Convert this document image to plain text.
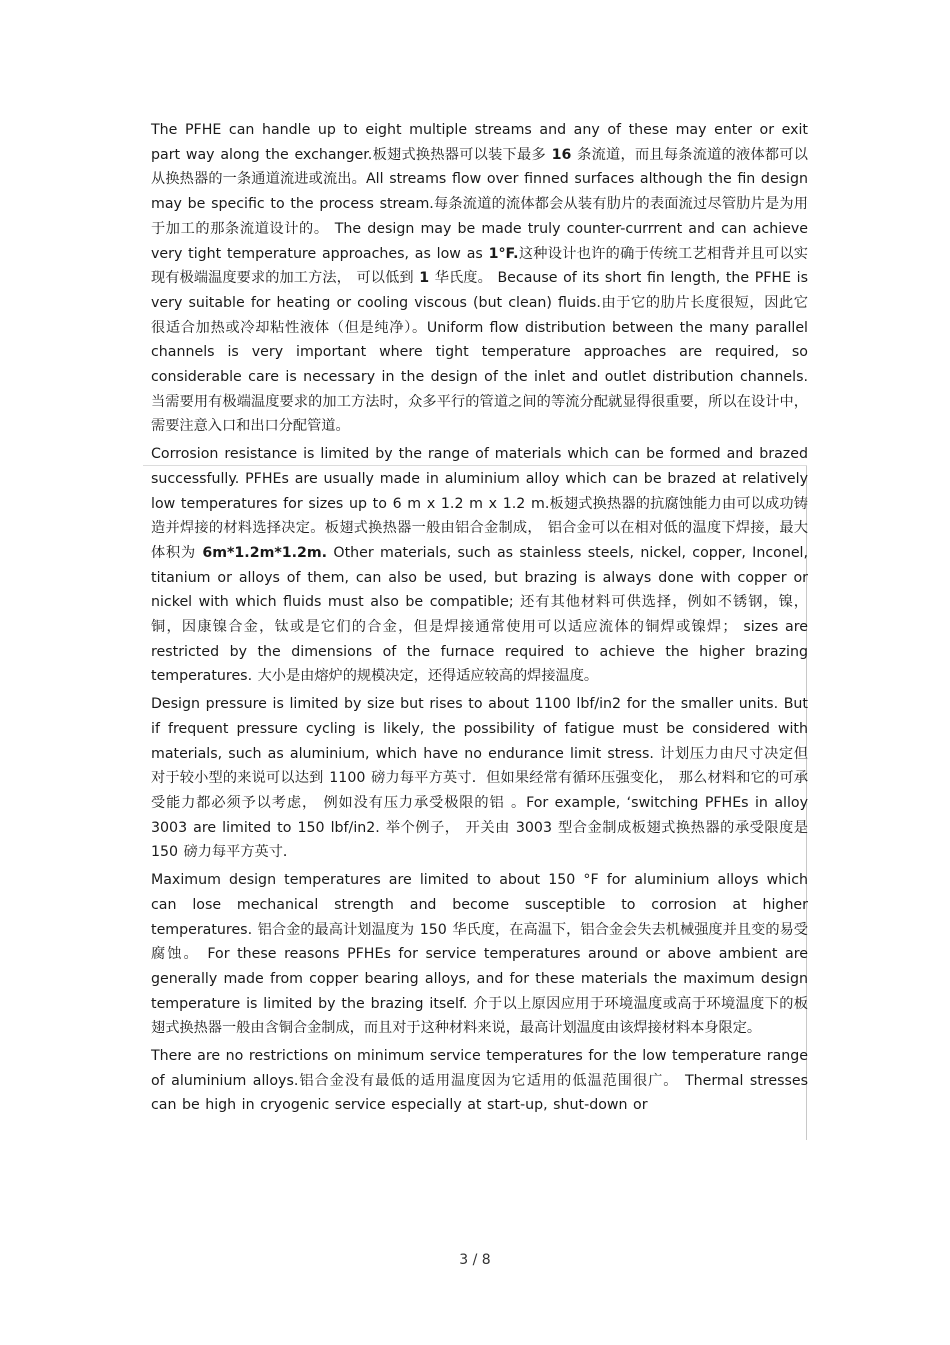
The PFHE can handle up to eight multiple streams and any of these may enter or exit part way along the exchanger.板翅式换热器可以装下最多 16 条流道，而且每条流道的液体都可以从换热器的一条通道流进或流出。All streams flow over finned surfaces although the fin design may be specific to the process stream.每条流道的流体都会从装有肋片的表面流过尽管肋片是为用于加工的那条流道设计的。 The design may be made truly counter-currrent and can achieve very tight temperature approaches, as low as 1°F.这种设计也许的确于传统工艺相背并且可以实现有极端温度要求的加工方法， 可以低到 1 华氏度。 Because of its short fin length, the PFHE is very suitable for heating or cooling viscous (but clean) fluids.由于它的肋片长度很短，因此它很适合加热或冷却粘性液体（但是纯净）。Uniform flow distribution between the many parallel channels is very important where tight temperature approaches are required, so considerable care is necessary in the design of the inlet and outlet distribution channels.当需要用有极端温度要求的加工方法时，众多平行的管道之间的等流分配就显得很重要，所以在设计中，需要注意入口和出口分配管道。

Corrosion resistance is limited by the range of materials which can be formed and brazed successfully. PFHEs are usually made in aluminium alloy which can be brazed at relatively low temperatures for sizes up to 6 m x 1.2 m x 1.2 m.板翅式换热器的抗腐蚀能力由可以成功铸造并焊接的材料选择决定。板翅式换热器一般由铝合金制成， 铝合金可以在相对低的温度下焊接，最大体积为 6m*1.2m*1.2m. Other materials, such as stainless steels, nickel, copper, Inconel, titanium or alloys of them, can also be used, but brazing is always done with copper or nickel with which fluids must also be compatible; 还有其他材料可供选择，例如不锈钢，镍，铜，因康镍合金，钛或是它们的合金，但是焊接通常使用可以适应流体的铜焊或镍焊； sizes are restricted by the dimensions of the furnace required to achieve the higher brazing temperatures. 大小是由熔炉的规模决定，还得适应较高的焊接温度。

Design pressure is limited by size but rises to about 1100 lbf/in2 for the smaller units. But if frequent pressure cycling is likely, the possibility of fatigue must be considered with materials, such as aluminium, which have no endurance limit stress. 计划压力由尺寸决定但对于较小型的来说可以达到 1100 磅力每平方英寸．但如果经常有循环压强变化， 那么材料和它的可承受能力都必须予以考虑， 例如没有压力承受极限的铝 。For example, ‘switching PFHEs in alloy 3003 are limited to 150 lbf/in2. 举个例子， 开关由 3003 型合金制成板翅式换热器的承受限度是 150 磅力每平方英寸．

Maximum design temperatures are limited to about 150 °F for aluminium alloys which can lose mechanical strength and become susceptible to corrosion at higher temperatures. 铝合金的最高计划温度为 150 华氏度，在高温下，铝合金会失去机械强度并且变的易受腐蚀。 For these reasons PFHEs for service temperatures around or above ambient are generally made from copper bearing alloys, and for these materials the maximum design temperature is limited by the brazing itself. 介于以上原因应用于环境温度或高于环境温度下的板翅式换热器一般由含铜合金制成，而且对于这种材料来说，最高计划温度由该焊接材料本身限定。

There are no restrictions on minimum service temperatures for the low temperature range of aluminium alloys.铝合金没有最低的适用温度因为它适用的低温范围很广。 Thermal stresses can be high in cryogenic service especially at start-up, shut-down or

3 / 8
